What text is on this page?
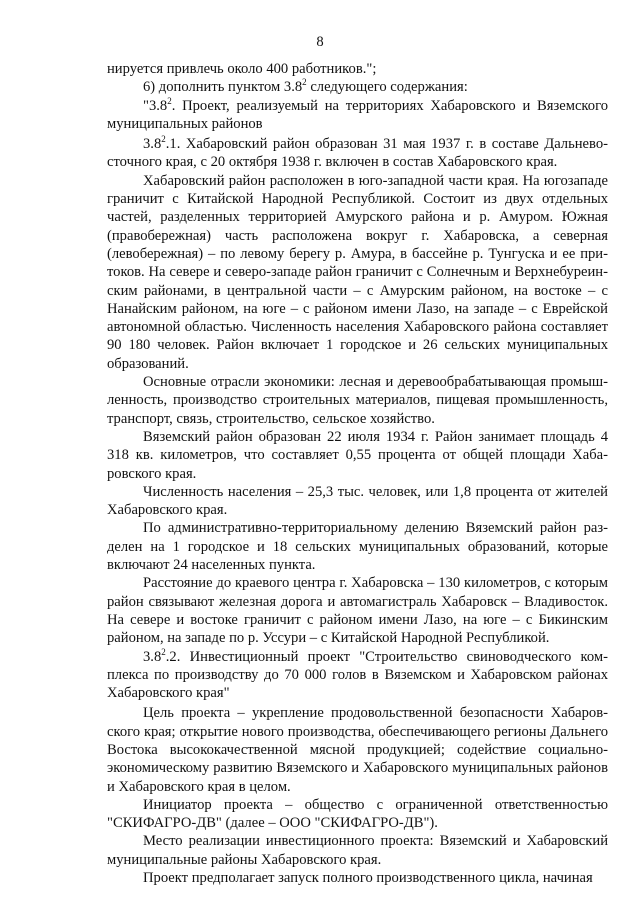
8

нируется привлечь около 400 работников.";

6) дополнить пунктом $3.8^2$ следующего содержания:

"$3.8^2$. Проект, реализуемый на территориях Хабаровского и Вяземского муниципальных районов

$3.8^2.1$. Хабаровский район образован 31 мая 1937 г. в составе Дальневосточного края, с 20 октября 1938 г. включен в состав Хабаровского края.

Хабаровский район расположен в юго-западной части края. На югозападе граничит с Китайской Народной Республикой. Состоит из двух отдельных частей, разделенных территорией Амурского района и р. Амуром. Южная (правобережная) часть расположена вокруг г. Хабаровска, а северная (левобережная) – по левому берегу р. Амура, в бассейне р. Тунгуска и ее притоков. На севере и северо-западе район граничит с Солнечным и Верхнебуреинским районами, в центральной части – с Амурским районом, на востоке – с Нанайским районом, на юге – с районом имени Лазо, на западе – с Еврейской автономной областью. Численность населения Хабаровского района составляет 90 180 человек. Район включает 1 городское и 26 сельских муниципальных образований.

Основные отрасли экономики: лесная и деревообрабатывающая промышленность, производство строительных материалов, пищевая промышленность, транспорт, связь, строительство, сельское хозяйство.

Вяземский район образован 22 июля 1934 г. Район занимает площадь 4 318 кв. километров, что составляет 0,55 процента от общей площади Хабаровского края.

Численность населения – 25,3 тыс. человек, или 1,8 процента от жителей Хабаровского края.

По административно-территориальному делению Вяземский район разделен на 1 городское и 18 сельских муниципальных образований, которые включают 24 населенных пункта.

Расстояние до краевого центра г. Хабаровска – 130 километров, с которым район связывают железная дорога и автомагистраль Хабаровск – Владивосток. На севере и востоке граничит с районом имени Лазо, на юге – с Бикинским районом, на западе по р. Уссури – с Китайской Народной Республикой.

$3.8^2.2$. Инвестиционный проект "Строительство свиноводческого комплекса по производству до 70 000 голов в Вяземском и Хабаровском районах Хабаровского края"

Цель проекта – укрепление продовольственной безопасности Хабаровского края; открытие нового производства, обеспечивающего регионы Дальнего Востока высококачественной мясной продукцией; содействие социально-экономическому развитию Вяземского и Хабаровского муниципальных районов и Хабаровского края в целом.

Инициатор проекта – общество с ограниченной ответственностью "СКИФАГРО-ДВ" (далее – ООО "СКИФАГРО-ДВ").

Место реализации инвестиционного проекта: Вяземский и Хабаровский муниципальные районы Хабаровского края.

Проект предполагает запуск полного производственного цикла, начиная
